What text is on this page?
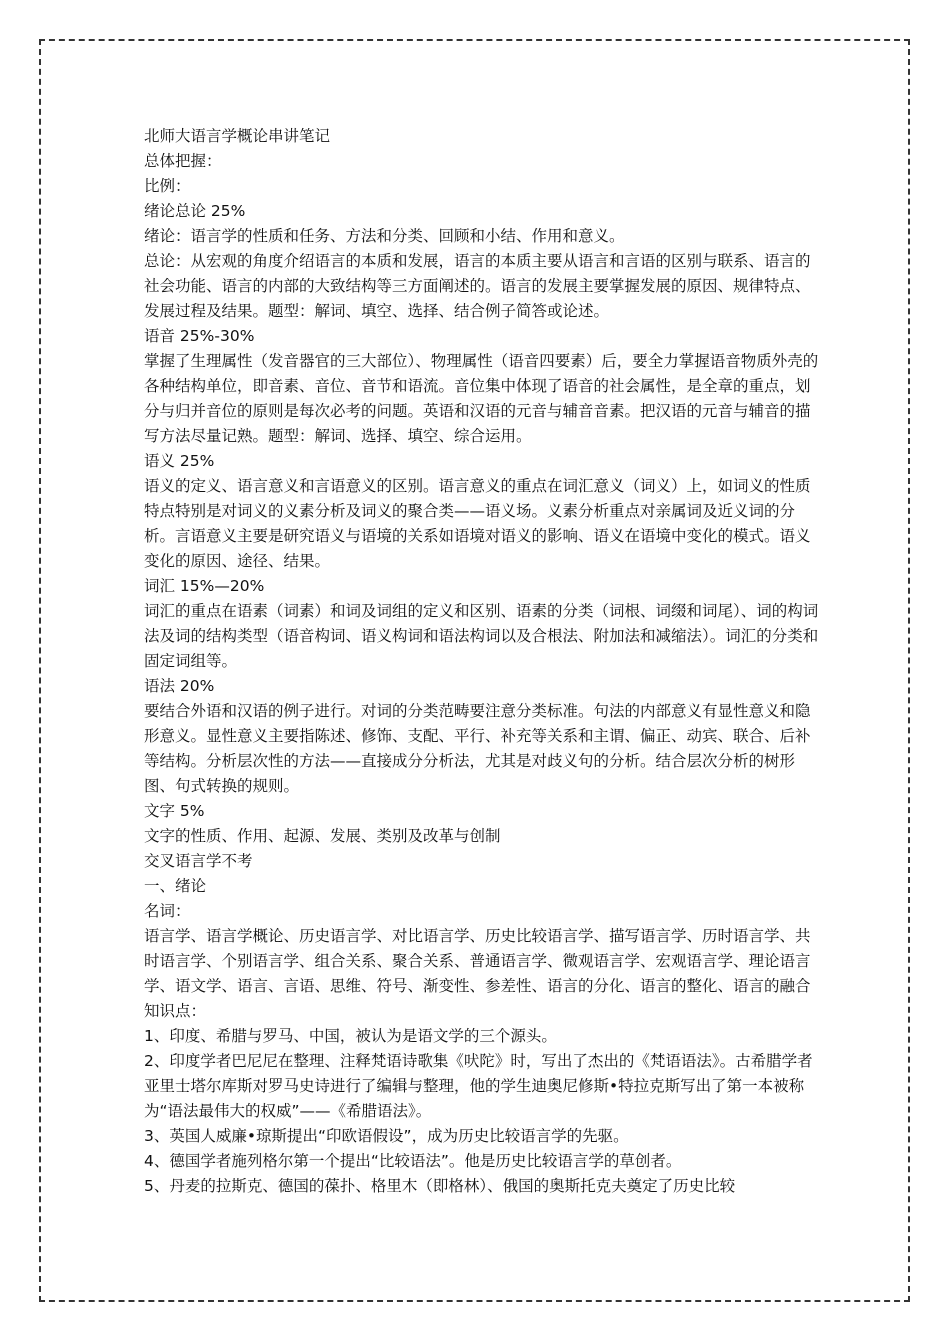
北师大语言学概论串讲笔记

总体把握：

比例：

绪论总论 25%

绪论：语言学的性质和任务、方法和分类、回顾和小结、作用和意义。

总论：从宏观的角度介绍语言的本质和发展，语言的本质主要从语言和言语的区别与联系、语言的社会功能、语言的内部的大致结构等三方面阐述的。语言的发展主要掌握发展的原因、规律特点、发展过程及结果。题型：解词、填空、选择、结合例子简答或论述。

语音 25%-30%

掌握了生理属性（发音器官的三大部位）、物理属性（语音四要素）后，要全力掌握语音物质外壳的各种结构单位，即音素、音位、音节和语流。音位集中体现了语音的社会属性，是全章的重点，划分与归并音位的原则是每次必考的问题。英语和汉语的元音与辅音音素。把汉语的元音与辅音的描写方法尽量记熟。题型：解词、选择、填空、综合运用。

语义 25%

语义的定义、语言意义和言语意义的区别。语言意义的重点在词汇意义（词义）上，如词义的性质特点特别是对词义的义素分析及词义的聚合类——语义场。义素分析重点对亲属词及近义词的分析。言语意义主要是研究语义与语境的关系如语境对语义的影响、语义在语境中变化的模式。语义变化的原因、途径、结果。

词汇 15%—20%

词汇的重点在语素（词素）和词及词组的定义和区别、语素的分类（词根、词缀和词尾）、词的构词法及词的结构类型（语音构词、语义构词和语法构词以及合根法、附加法和减缩法）。词汇的分类和固定词组等。

语法 20%

要结合外语和汉语的例子进行。对词的分类范畴要注意分类标准。句法的内部意义有显性意义和隐形意义。显性意义主要指陈述、修饰、支配、平行、补充等关系和主谓、偏正、动宾、联合、后补等结构。分析层次性的方法——直接成分分析法，尤其是对歧义句的分析。结合层次分析的树形图、句式转换的规则。

文字 5%

文字的性质、作用、起源、发展、类别及改革与创制

交叉语言学不考

一、绪论

名词：

语言学、语言学概论、历史语言学、对比语言学、历史比较语言学、描写语言学、历时语言学、共时语言学、个别语言学、组合关系、聚合关系、普通语言学、微观语言学、宏观语言学、理论语言学、语文学、语言、言语、思维、符号、渐变性、参差性、语言的分化、语言的整化、语言的融合

知识点：

1、印度、希腊与罗马、中国，被认为是语文学的三个源头。

2、印度学者巴尼尼在整理、注释梵语诗歌集《吠陀》时，写出了杰出的《梵语语法》。古希腊学者亚里士塔尔库斯对罗马史诗进行了编辑与整理，他的学生迪奥尼修斯•特拉克斯写出了第一本被称为“语法最伟大的权威”——《希腊语法》。

3、英国人威廉•琼斯提出“印欧语假设”，成为历史比较语言学的先驱。

4、德国学者施列格尔第一个提出“比较语法”。他是历史比较语言学的草创者。

5、丹麦的拉斯克、德国的葆扑、格里木（即格林）、俄国的奥斯托克夫奠定了历史比较
